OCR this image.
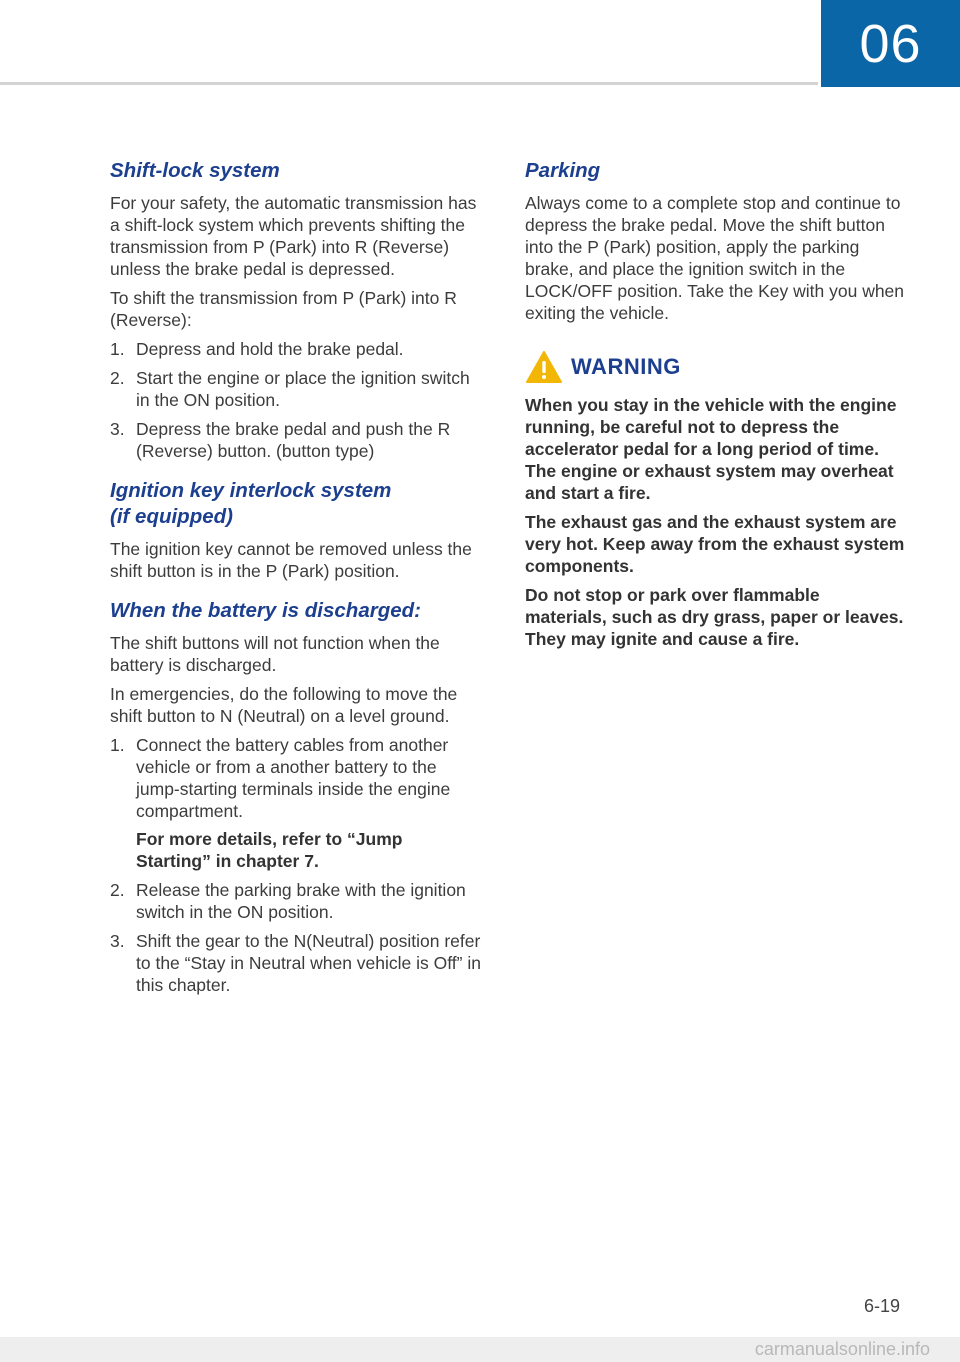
06
Shift-lock system

For your safety, the automatic transmission has a shift-lock system which prevents shifting the transmission from P (Park) into R (Reverse) unless the brake pedal is depressed.

To shift the transmission from P (Park) into R (Reverse):

1. Depress and hold the brake pedal.
2. Start the engine or place the ignition switch in the ON position.
3. Depress the brake pedal and push the R (Reverse) button. (button type)
Ignition key interlock system
(if equipped)

The ignition key cannot be removed unless the shift button is in the P (Park) position.

When the battery is discharged:

The shift buttons will not function when the battery is discharged.

In emergencies, do the following to move the shift button to N (Neutral) on a level ground.

1. Connect the battery cables from another vehicle or from a another battery to the jump-starting terminals inside the engine compartment.
For more details, refer to “Jump Starting” in chapter 7.
2. Release the parking brake with the ignition switch in the ON position.
3. Shift the gear to the N(Neutral) position refer to the “Stay in Neutral when vehicle is Off” in this chapter.
Parking

Always come to a complete stop and continue to depress the brake pedal. Move the shift button into the P (Park) position, apply the parking brake, and place the ignition switch in the LOCK/OFF position. Take the Key with you when exiting the vehicle.

WARNING

When you stay in the vehicle with the engine running, be careful not to depress the accelerator pedal for a long period of time. The engine or exhaust system may overheat and start a fire.

The exhaust gas and the exhaust system are very hot. Keep away from the exhaust system components.

Do not stop or park over flammable materials, such as dry grass, paper or leaves. They may ignite and cause a fire.

6-19
carmanualsonline.info
